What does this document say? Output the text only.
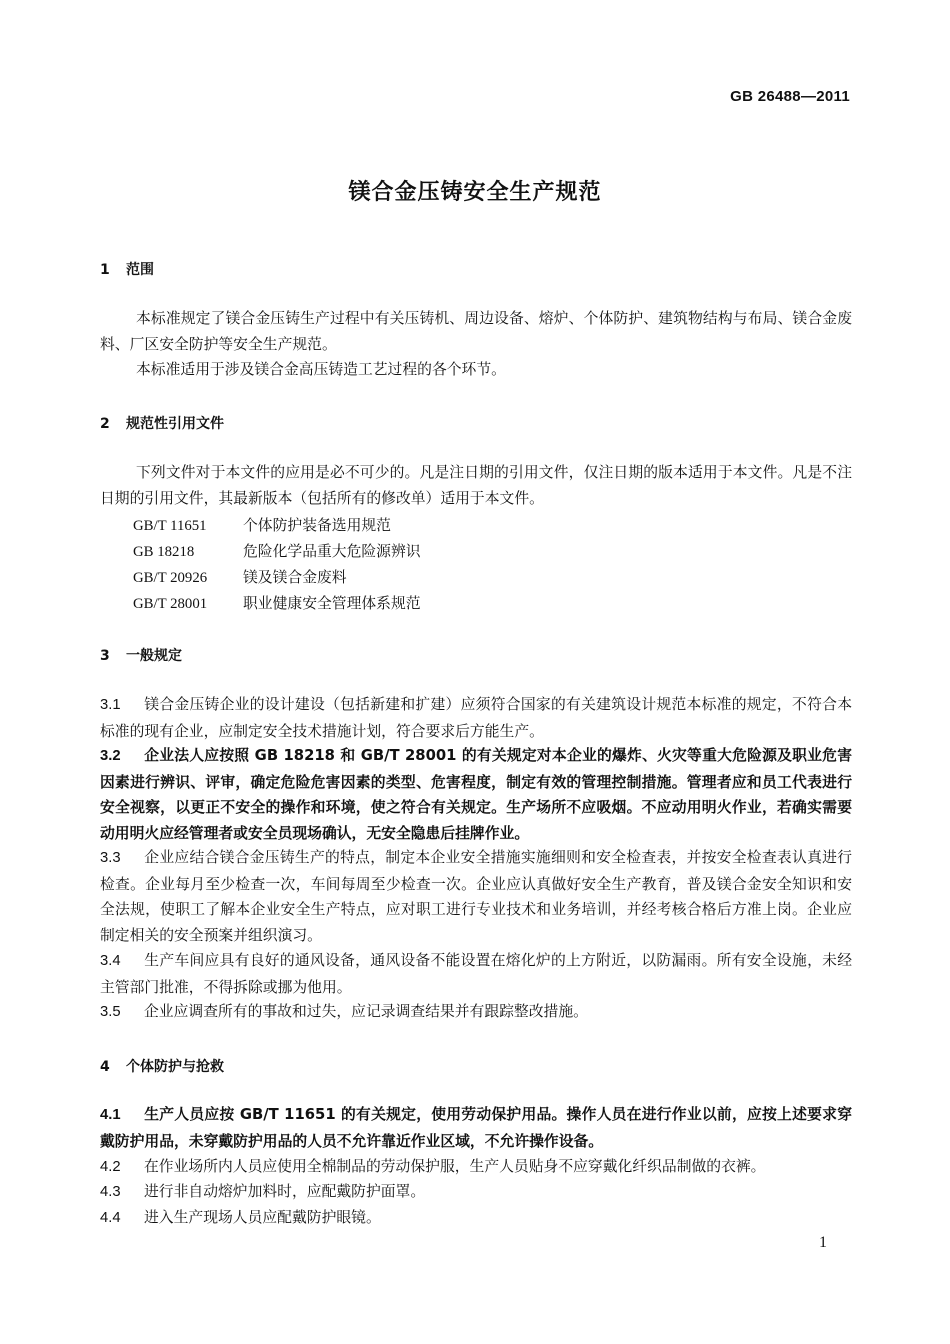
GB 26488—2011
镁合金压铸安全生产规范
1 范围
本标准规定了镁合金压铸生产过程中有关压铸机、周边设备、熔炉、个体防护、建筑物结构与布局、镁合金废料、厂区安全防护等安全生产规范。
本标准适用于涉及镁合金高压铸造工艺过程的各个环节。
2 规范性引用文件
下列文件对于本文件的应用是必不可少的。凡是注日期的引用文件，仅注日期的版本适用于本文件。凡是不注日期的引用文件，其最新版本（包括所有的修改单）适用于本文件。
GB/T 11651 个体防护装备选用规范
GB 18218	危险化学品重大危险源辨识
GB/T 20926 镁及镁合金废料
GB/T 28001 职业健康安全管理体系规范
3 一般规定
3.1 镁合金压铸企业的设计建设（包括新建和扩建）应须符合国家的有关建筑设计规范本标准的规定，不符合本标准的现有企业，应制定安全技术措施计划，符合要求后方能生产。
3.2 企业法人应按照 GB 18218 和 GB/T 28001 的有关规定对本企业的爆炸、火灾等重大危险源及职业危害因素进行辨识、评审，确定危险危害因素的类型、危害程度，制定有效的管理控制措施。管理者应和员工代表进行安全视察，以更正不安全的操作和环境，使之符合有关规定。生产场所不应吸烟。不应动用明火作业，若确实需要动用明火应经管理者或安全员现场确认，无安全隐患后挂牌作业。
3.3 企业应结合镁合金压铸生产的特点，制定本企业安全措施实施细则和安全检查表，并按安全检查表认真进行检查。企业每月至少检查一次，车间每周至少检查一次。企业应认真做好安全生产教育，普及镁合金安全知识和安全法规，使职工了解本企业安全生产特点，应对职工进行专业技术和业务培训，并经考核合格后方准上岗。企业应制定相关的安全预案并组织演习。
3.4 生产车间应具有良好的通风设备，通风设备不能设置在熔化炉的上方附近，以防漏雨。所有安全设施，未经主管部门批准，不得拆除或挪为他用。
3.5 企业应调查所有的事故和过失，应记录调查结果并有跟踪整改措施。
4 个体防护与抢救
4.1 生产人员应按 GB/T 11651 的有关规定，使用劳动保护用品。操作人员在进行作业以前，应按上述要求穿戴防护用品，未穿戴防护用品的人员不允许靠近作业区域，不允许操作设备。
4.2 在作业场所内人员应使用全棉制品的劳动保护服，生产人员贴身不应穿戴化纤织品制做的衣裤。
4.3 进行非自动熔炉加料时，应配戴防护面罩。
4.4 进入生产现场人员应配戴防护眼镜。
1
